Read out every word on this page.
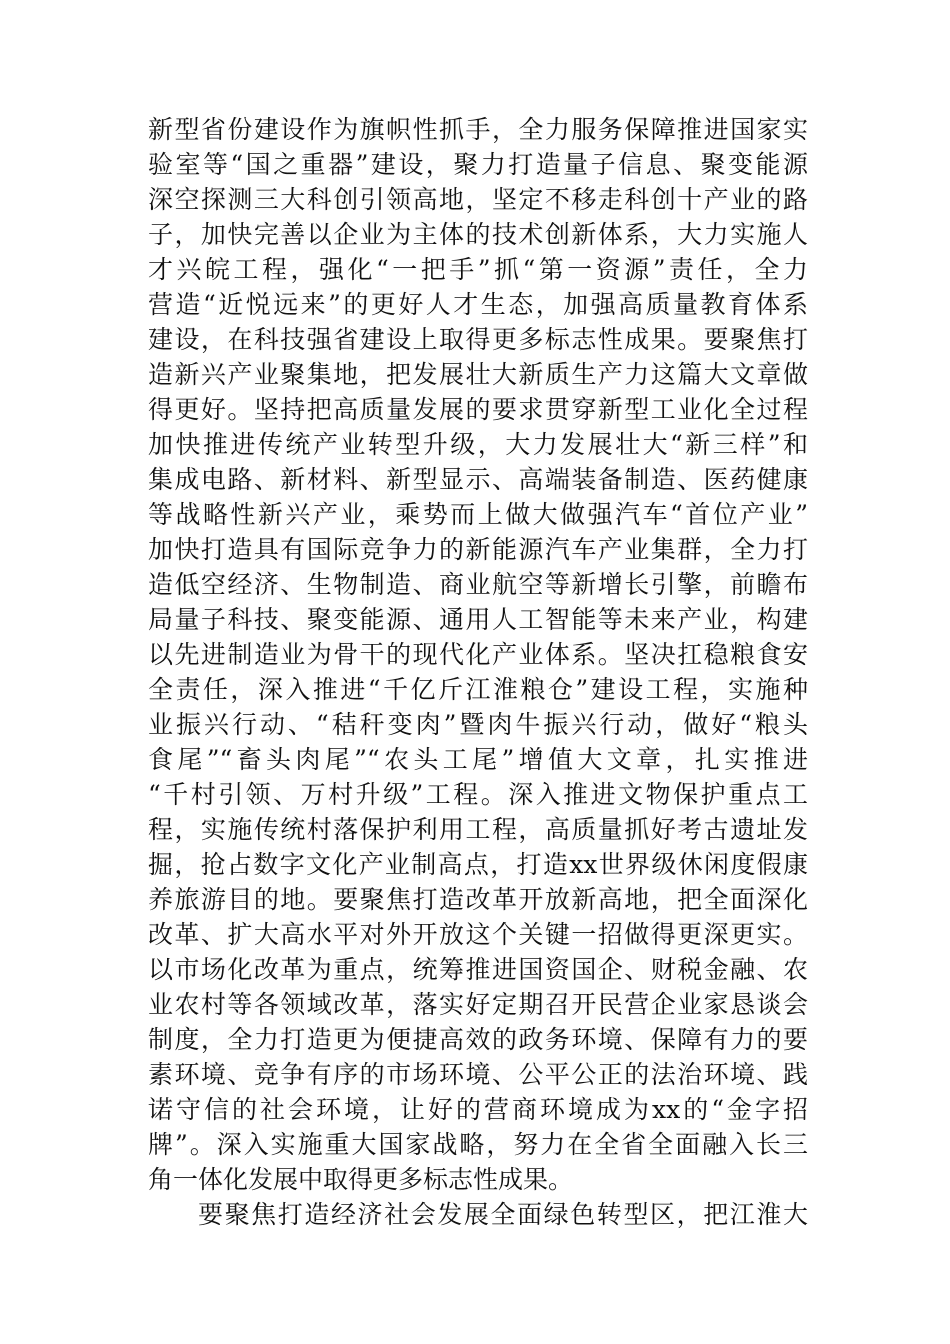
新型省份建设作为旗帜性抓手，全力服务保障推进国家实
验室等“国之重器”建设，聚力打造量子信息、聚变能源
深空探测三大科创引领高地，坚定不移走科创十产业的路
子，加快完善以企业为主体的技术创新体系，大力实施人
才兴皖工程，强化“一把手”抓“第一资源”责任，全力
营造“近悦远来”的更好人才生态，加强高质量教育体系
建设，在科技强省建设上取得更多标志性成果。要聚焦打
造新兴产业聚集地，把发展壮大新质生产力这篇大文章做
得更好。坚持把高质量发展的要求贯穿新型工业化全过程
加快推进传统产业转型升级，大力发展壮大“新三样”和
集成电路、新材料、新型显示、高端装备制造、医药健康
等战略性新兴产业，乘势而上做大做强汽车“首位产业”
加快打造具有国际竞争力的新能源汽车产业集群，全力打
造低空经济、生物制造、商业航空等新增长引擎，前瞻布
局量子科技、聚变能源、通用人工智能等未来产业，构建
以先进制造业为骨干的现代化产业体系。坚决扛稳粮食安
全责任，深入推进“千亿斤江淮粮仓”建设工程，实施种
业振兴行动、“秸秆变肉”暨肉牛振兴行动，做好“粮头
食尾”“畜头肉尾”“农头工尾”增值大文章，扎实推进
“千村引领、万村升级”工程。深入推进文物保护重点工
程，实施传统村落保护利用工程，高质量抓好考古遗址发
掘，抢占数字文化产业制高点，打造xx世界级休闲度假康
养旅游目的地。要聚焦打造改革开放新高地，把全面深化
改革、扩大高水平对外开放这个关键一招做得更深更实。
以市场化改革为重点，统筹推进国资国企、财税金融、农
业农村等各领域改革，落实好定期召开民营企业家恳谈会
制度，全力打造更为便捷高效的政务环境、保障有力的要
素环境、竞争有序的市场环境、公平公正的法治环境、践
诺守信的社会环境，让好的营商环境成为xx的“金字招
牌”。深入实施重大国家战略，努力在全省全面融入长三
角一体化发展中取得更多标志性成果。
要聚焦打造经济社会发展全面绿色转型区，把江淮大
